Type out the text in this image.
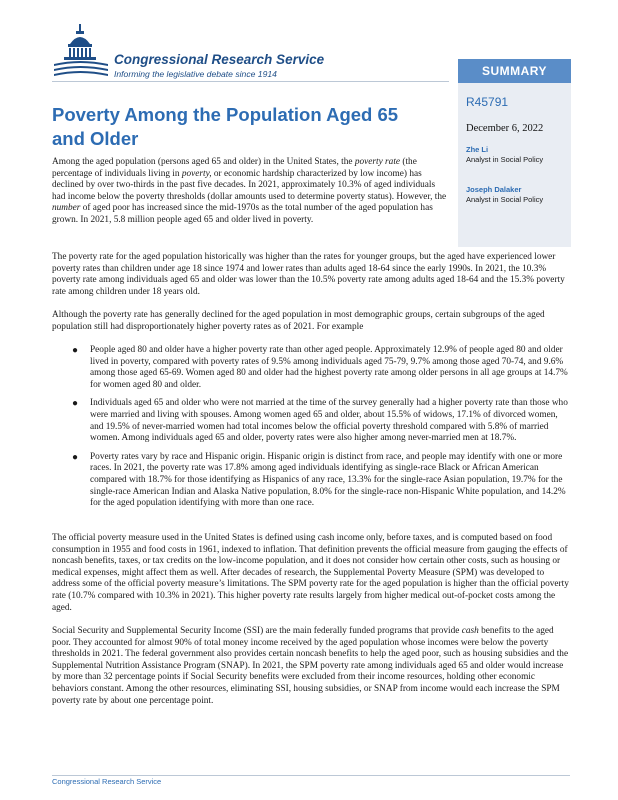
Congressional Research Service
Informing the legislative debate since 1914	SUMMARY
R45791
December 6, 2022
Zhe Li
Analyst in Social Policy
Joseph Dalaker
Analyst in Social Policy
Poverty Among the Population Aged 65 and Older

Among the aged population (persons aged 65 and older) in the United States, the poverty rate (the percentage of individuals living in poverty, or economic hardship characterized by low income) has declined by over two-thirds in the past five decades. In 2021, approximately 10.3% of aged individuals had income below the poverty thresholds (dollar amounts used to determine poverty status). However, the number of aged poor has increased since the mid-1970s as the total number of the aged population has grown. In 2021, 5.8 million people aged 65 and older lived in poverty.

The poverty rate for the aged population historically was higher than the rates for younger groups, but the aged have experienced lower poverty rates than children under age 18 since 1974 and lower rates than adults aged 18-64 since the early 1990s. In 2021, the 10.3% poverty rate among individuals aged 65 and older was lower than the 10.5% poverty rate among adults aged 18-64 and the 15.3% poverty rate among children under 18 years old.

Although the poverty rate has generally declined for the aged population in most demographic groups, certain subgroups of the aged population still had disproportionately higher poverty rates as of 2021. For example

● People aged 80 and older have a higher poverty rate than other aged people. Approximately 12.9% of people aged 80 and older lived in poverty, compared with poverty rates of 9.5% among individuals aged 75-79, 9.7% among those aged 70-74, and 9.6% among those aged 65-69. Women aged 80 and older had the highest poverty rate among older persons in all age groups at 14.7% for women aged 80 and older.
● Individuals aged 65 and older who were not married at the time of the survey generally had a higher poverty rate than those who were married and living with spouses. Among women aged 65 and older, about 15.5% of widows, 17.1% of divorced women, and 19.5% of never-married women had total incomes below the official poverty threshold compared with 5.8% of married women. Among individuals aged 65 and older, poverty rates were also higher among never-married men at 18.7%.
● Poverty rates vary by race and Hispanic origin. Hispanic origin is distinct from race, and people may identify with one or more races. In 2021, the poverty rate was 17.8% among aged individuals identifying as single-race Black or African American compared with 18.7% for those identifying as Hispanics of any race, 13.3% for the single-race Asian population, 19.7% for the single-race American Indian and Alaska Native population, 8.0% for the single-race non-Hispanic White population, and 14.2% for the aged population identifying with more than one race.

The official poverty measure used in the United States is defined using cash income only, before taxes, and is computed based on food consumption in 1955 and food costs in 1961, indexed to inflation. That definition prevents the official measure from gauging the effects of noncash benefits, taxes, or tax credits on the low-income population, and it does not consider how certain other costs, such as housing or medical expenses, might affect them as well. After decades of research, the Supplemental Poverty Measure (SPM) was developed to address some of the official poverty measure’s limitations. The SPM poverty rate for the aged population is higher than the official poverty rate (10.7% compared with 10.3% in 2021). This higher poverty rate results largely from higher medical out-of-pocket costs among the aged.

Social Security and Supplemental Security Income (SSI) are the main federally funded programs that provide cash benefits to the aged poor. They accounted for almost 90% of total money income received by the aged population whose incomes were below the poverty thresholds in 2021. The federal government also provides certain noncash benefits to help the aged poor, such as housing subsidies and the Supplemental Nutrition Assistance Program (SNAP). In 2021, the SPM poverty rate among individuals aged 65 and older would increase by more than 32 percentage points if Social Security benefits were excluded from their income resources, holding other economic behaviors constant. Among the other resources, eliminating SSI, housing subsidies, or SNAP from income would each increase the SPM poverty rate by about one percentage point.

Congressional Research Service
